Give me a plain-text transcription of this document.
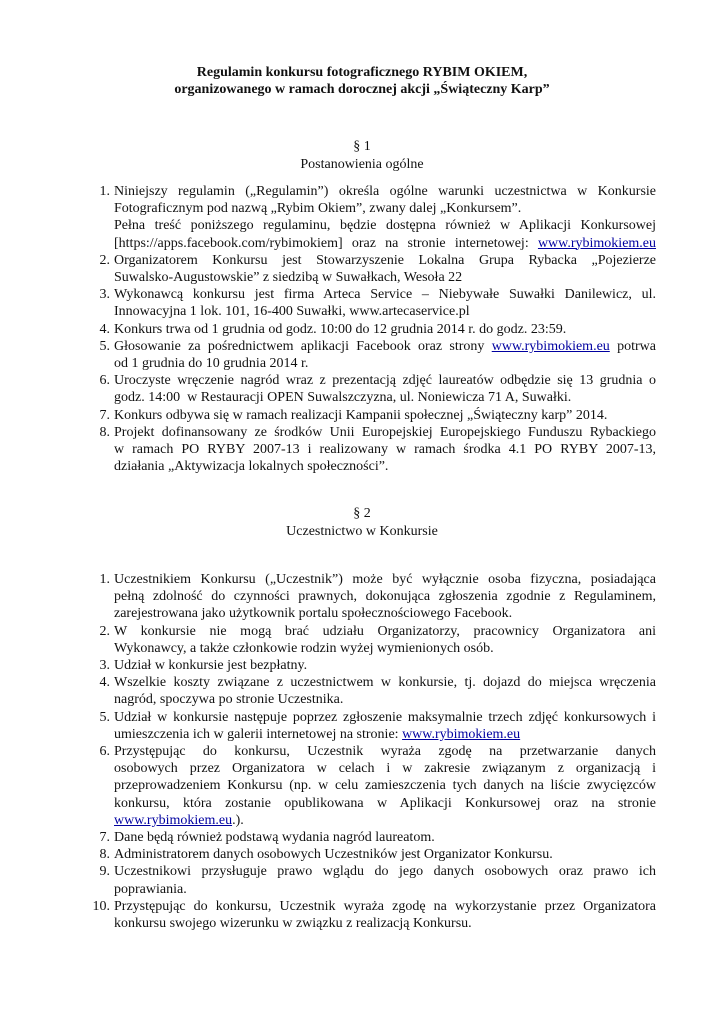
Regulamin konkursu fotograficznego RYBIM OKIEM,
organizowanego w ramach dorocznej akcji „Świąteczny Karp”
§ 1
Postanowienia ogólne
1. Niniejszy regulamin („Regulamin”) określa ogólne warunki uczestnictwa w Konkursie
Fotograficznym pod nazwą „Rybim Okiem”, zwany dalej „Konkursem”.
Pełna treść poniższego regulaminu, będzie dostępna również w Aplikacji Konkursowej
[https://apps.facebook.com/rybimokiem] oraz na stronie internetowej: www.rybimokiem.eu
2. Organizatorem Konkursu jest Stowarzyszenie Lokalna Grupa Rybacka „Pojezierze
Suwalsko-Augustowskie” z siedzibą w Suwałkach, Wesoła 22
3. Wykonawcą konkursu jest firma Arteca Service – Niebywałe Suwałki Danilewicz, ul.
Innowacyjna 1 lok. 101, 16-400 Suwałki, www.artecaservice.pl
4. Konkurs trwa od 1 grudnia od godz. 10:00 do 12 grudnia 2014 r. do godz. 23:59.
5. Głosowanie za pośrednictwem aplikacji Facebook oraz strony www.rybimokiem.eu potrwa
od 1 grudnia do 10 grudnia 2014 r.
6. Uroczyste wręczenie nagród wraz z prezentacją zdjęć laureatów odbędzie się 13 grudnia o
godz. 14:00  w Restauracji OPEN Suwalszczyzna, ul. Noniewicza 71 A, Suwałki.
7. Konkurs odbywa się w ramach realizacji Kampanii społecznej „Świąteczny karp” 2014.
8. Projekt dofinansowany ze środków Unii Europejskiej Europejskiego Funduszu Rybackiego
w ramach PO RYBY 2007-13 i realizowany w ramach środka 4.1 PO RYBY 2007-13,
działania „Aktywizacja lokalnych społeczności”.
§ 2
Uczestnictwo w Konkursie
1. Uczestnikiem Konkursu („Uczestnik”) może być wyłącznie osoba fizyczna, posiadająca
pełną zdolność do czynności prawnych, dokonująca zgłoszenia zgodnie z Regulaminem,
zarejestrowana jako użytkownik portalu społecznościowego Facebook.
2. W konkursie nie mogą brać udziału Organizatorzy, pracownicy Organizatora ani
Wykonawcy, a także członkowie rodzin wyżej wymienionych osób.
3. Udział w konkursie jest bezpłatny.
4. Wszelkie koszty związane z uczestnictwem w konkursie, tj. dojazd do miejsca wręczenia
nagród, spoczywa po stronie Uczestnika.
5. Udział w konkursie następuje poprzez zgłoszenie maksymalnie trzech zdjęć konkursowych i
umieszczenia ich w galerii internetowej na stronie: www.rybimokiem.eu
6. Przystępując do konkursu, Uczestnik wyraża zgodę na przetwarzanie danych
osobowych przez Organizatora w celach i w zakresie związanym z organizacją i
przeprowadzeniem Konkursu (np. w celu zamieszczenia tych danych na liście zwycięzców
konkursu, która zostanie opublikowana w Aplikacji Konkursowej oraz na stronie
www.rybimokiem.eu.).
7. Dane będą również podstawą wydania nagród laureatom.
8. Administratorem danych osobowych Uczestników jest Organizator Konkursu.
9. Uczestnikowi przysługuje prawo wglądu do jego danych osobowych oraz prawo ich
poprawiania.
10. Przystępując do konkursu, Uczestnik wyraża zgodę na wykorzystanie przez Organizatora
konkursu swojego wizerunku w związku z realizacją Konkursu.
